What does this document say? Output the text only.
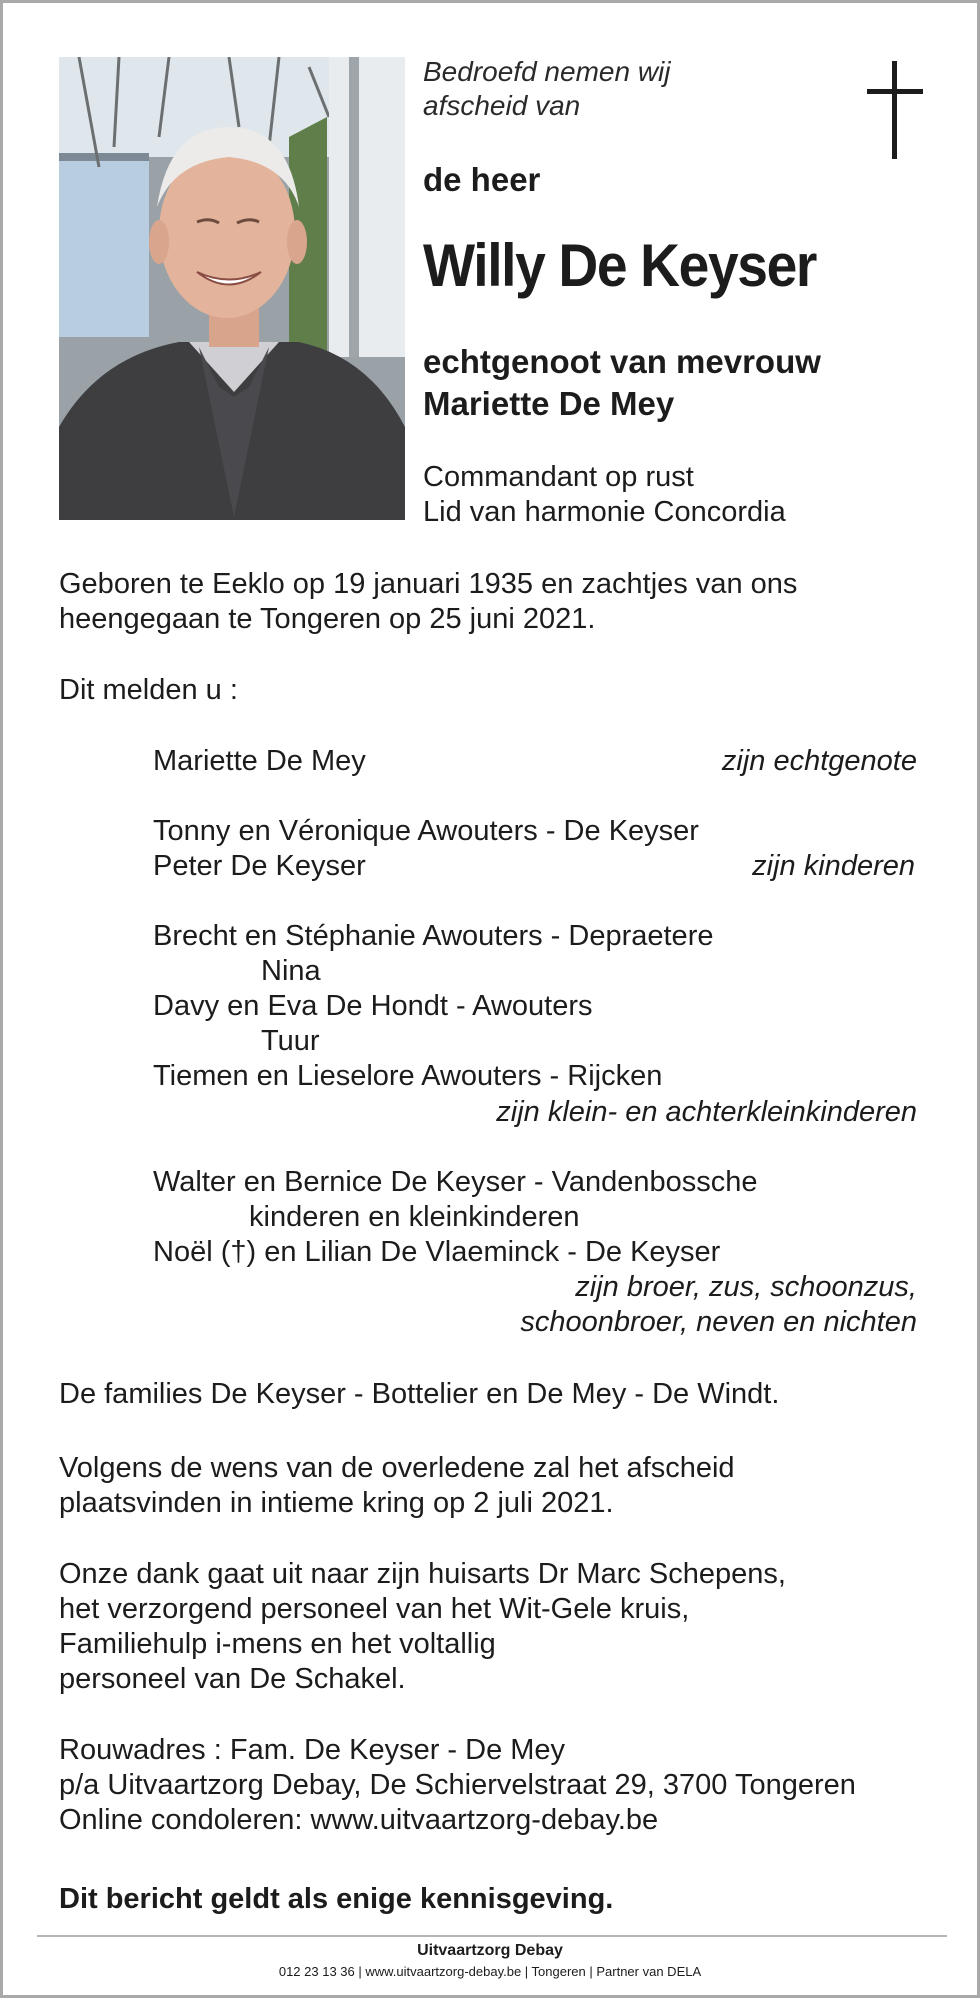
Bedroefd nemen wij
afscheid van
de heer
Willy De Keyser
echtgenoot van mevrouw
Mariette De Mey
Commandant op rust
Lid van harmonie Concordia
Geboren te Eeklo op 19 januari 1935 en zachtjes van ons
heengegaan te Tongeren op 25 juni 2021.
Dit melden u :
Mariette De Mey	zijn echtgenote
Tonny en Véronique Awouters - De Keyser
Peter De Keyser	zijn kinderen
Brecht en Stéphanie Awouters - Depraetere
Nina
Davy en Eva De Hondt - Awouters
Tuur
Tiemen en Lieselore Awouters - Rijcken
zijn klein- en achterkleinkinderen
Walter en Bernice De Keyser - Vandenbossche
kinderen en kleinkinderen
Noël (†) en Lilian De Vlaeminck - De Keyser
zijn broer, zus, schoonzus,
schoonbroer, neven en nichten
De families De Keyser - Bottelier en De Mey - De Windt.
Volgens de wens van de overledene zal het afscheid
plaatsvinden in intieme kring op 2 juli 2021.
Onze dank gaat uit naar zijn huisarts Dr Marc Schepens,
het verzorgend personeel van het Wit-Gele kruis,
Familiehulp i-mens en het voltallig
personeel van De Schakel.
Rouwadres : Fam. De Keyser - De Mey
p/a Uitvaartzorg Debay, De Schiervelstraat 29, 3700 Tongeren
Online condoleren: www.uitvaartzorg-debay.be
Dit bericht geldt als enige kennisgeving.
Uitvaartzorg Debay
012 23 13 36 | www.uitvaartzorg-debay.be | Tongeren | Partner van DELA
